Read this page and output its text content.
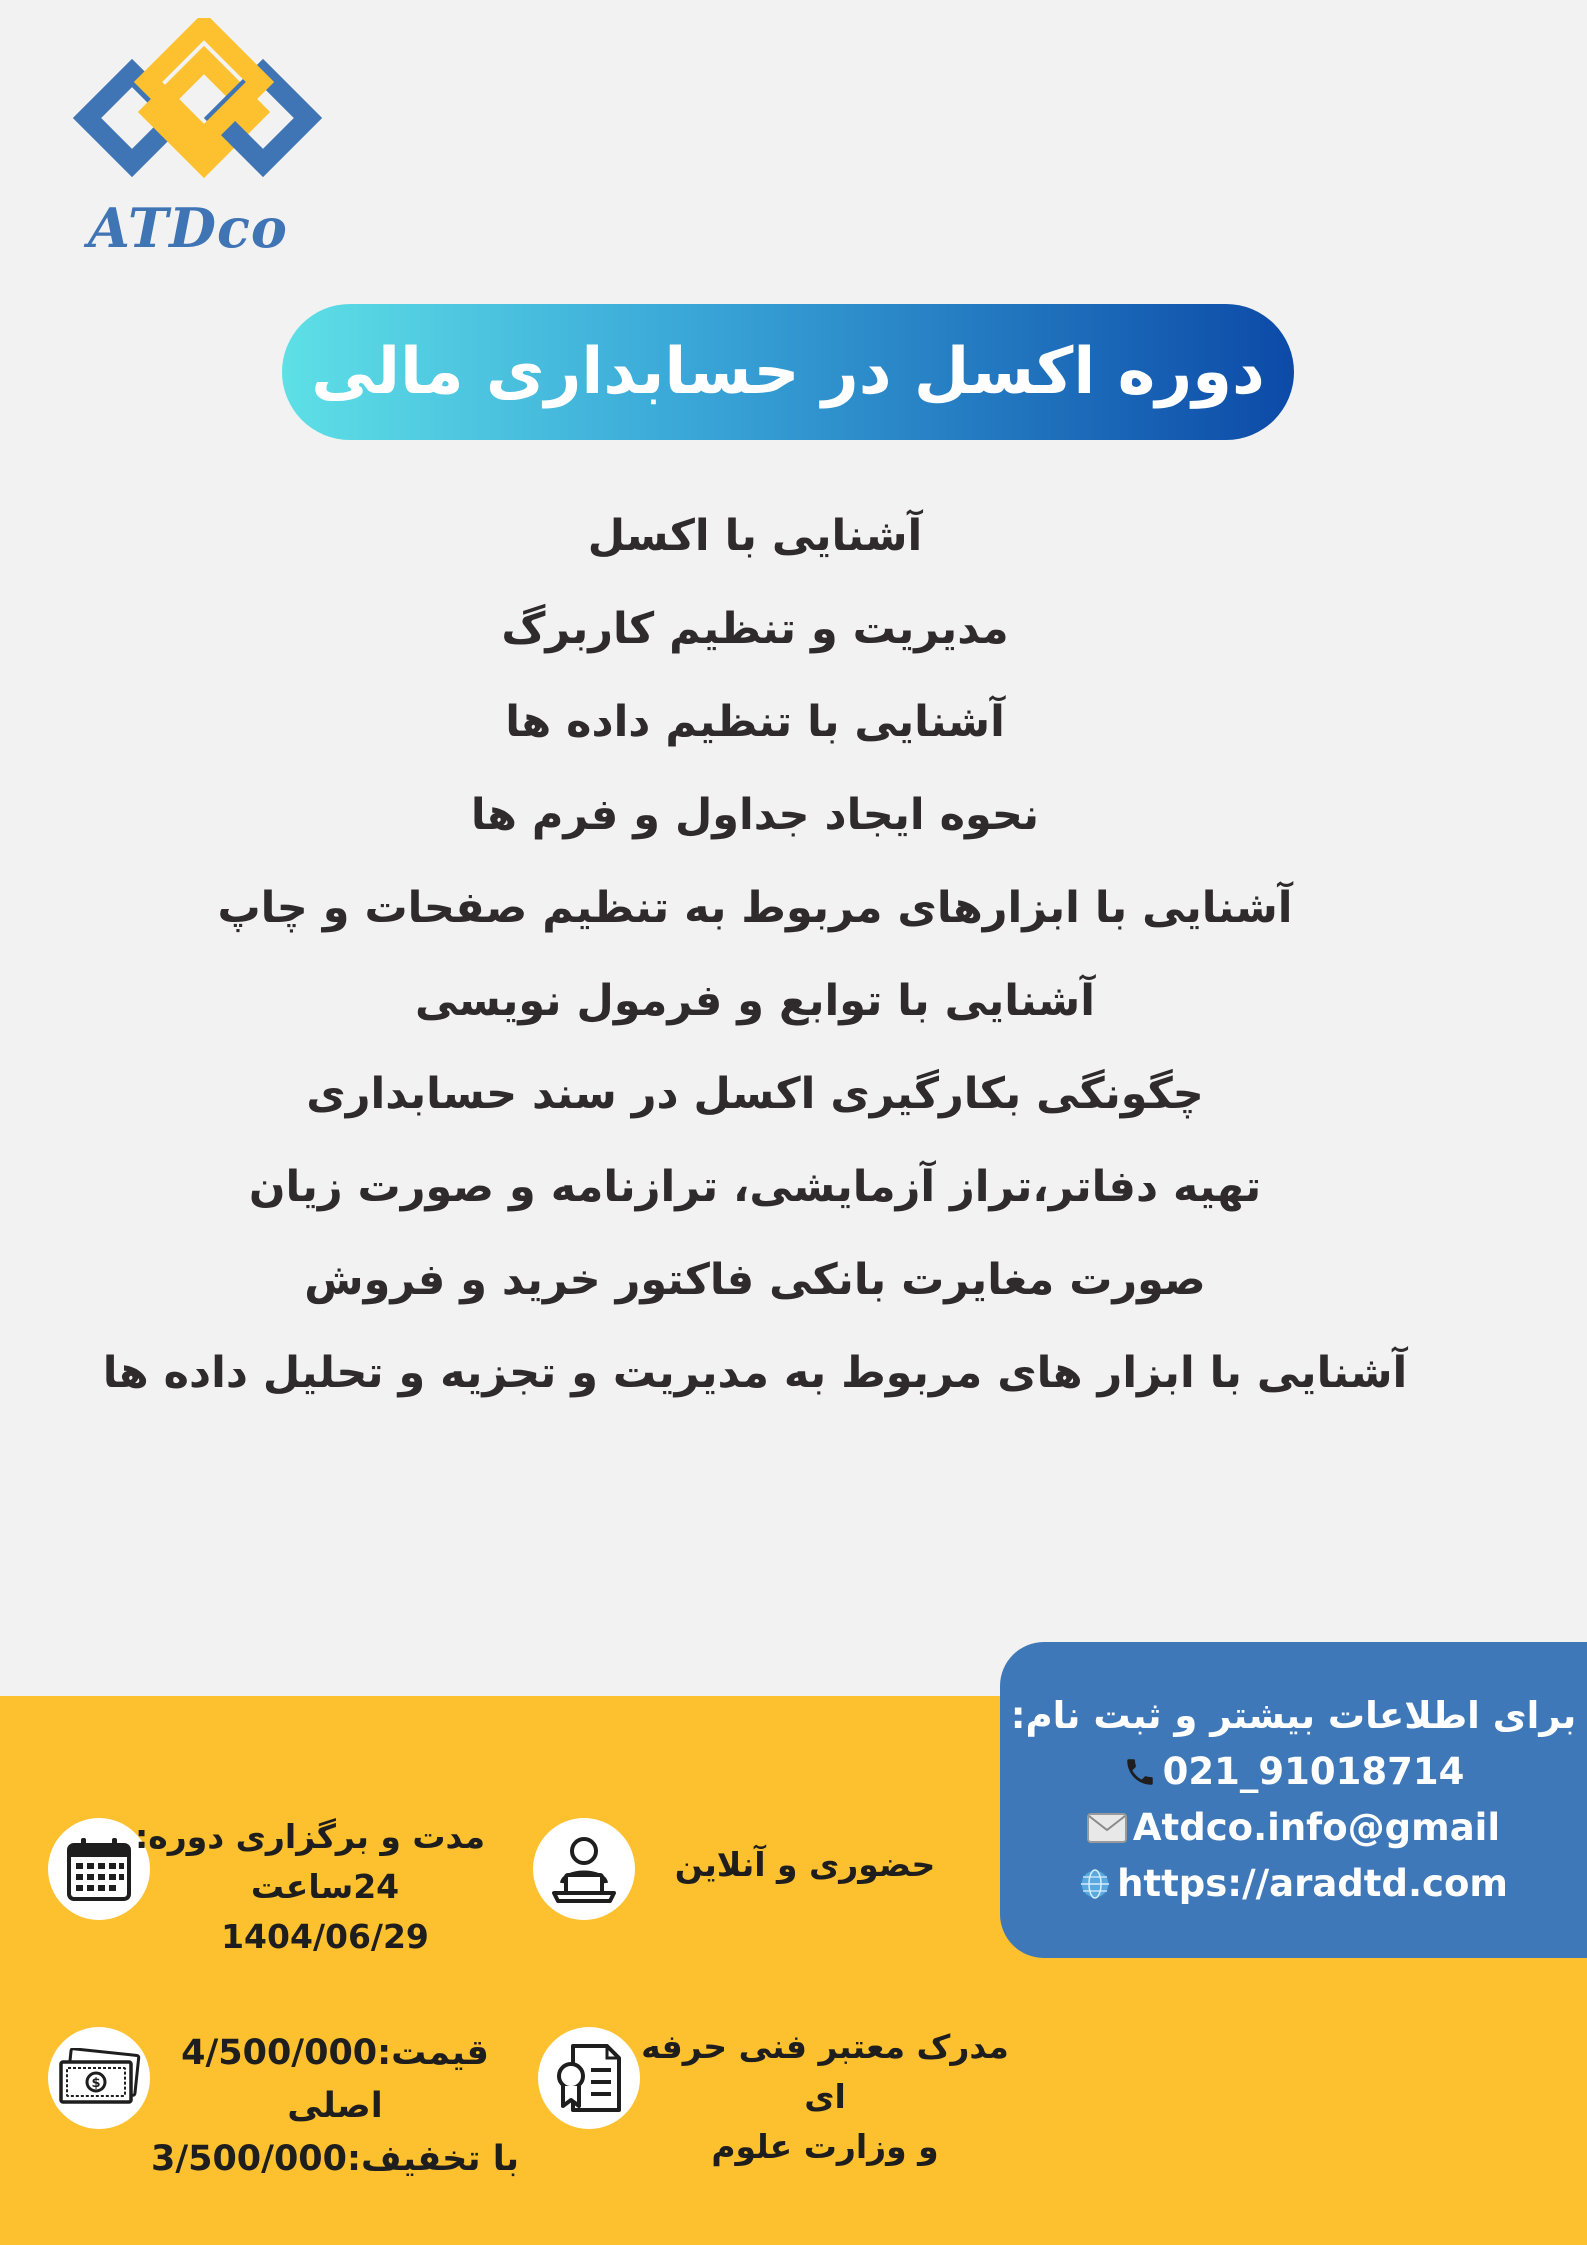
ATDco
دوره اکسل در حسابداری مالی
آشنایی با اکسل
مدیریت و تنظیم کاربرگ
آشنایی با تنظیم داده ها
نحوه ایجاد جداول و فرم ها
آشنایی با ابزارهای مربوط به تنظیم صفحات و چاپ
آشنایی با توابع و فرمول نویسی
چگونگی بکارگیری اکسل در سند حسابداری
تهیه دفاتر،تراز آزمایشی، ترازنامه و صورت زیان
صورت مغایرت بانکی فاکتور خرید و فروش
آشنایی با ابزار های مربوط به مدیریت و تجزیه و تحلیل داده ها
برای اطلاعات بیشتر و ثبت نام:
021_91018714
Atdco.info@gmail
https://aradtd.com
مدت و برگزاری دوره:
24ساعت
1404/06/29
حضوری و آنلاین
$
قیمت:4/500/000
اصلی
با تخفیف:3/500/000
مدرک معتبر فنی حرفه
ای
و وزارت علوم
